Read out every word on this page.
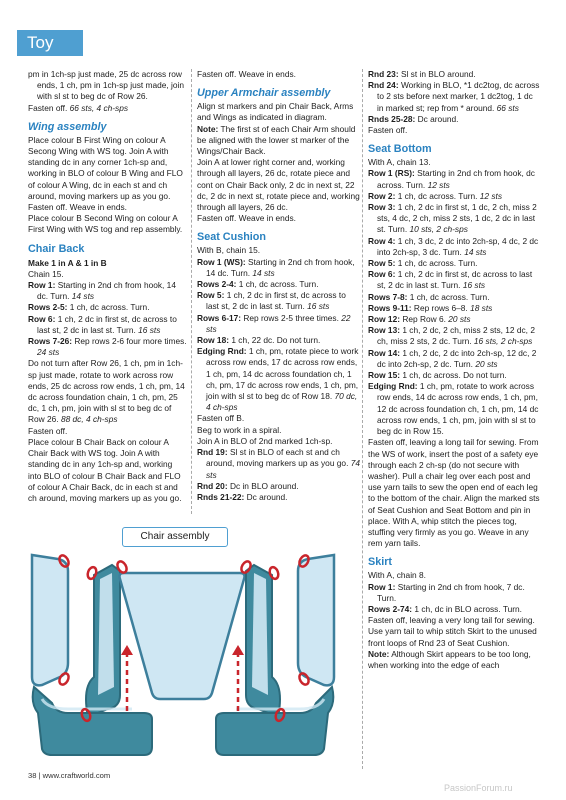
Toy

pm in 1ch-sp just made, 25 dc across row ends, 1 ch, pm in 1ch-sp just made, join with sl st to beg dc of Row 26.

Fasten off. 66 sts, 4 ch-sps

Wing assembly

Place colour B First Wing on colour A Secong Wing with WS tog. Join A with standing dc in any corner 1ch-sp and, working in BLO of colour B Wing and FLO of colour A Wing, dc in each st and ch around, moving markers up as you go.

Fasten off. Weave in ends.

Place colour B Second Wing on colour A First Wing with WS tog and rep assembly.

Chair Back

Make 1 in A & 1 in B

Chain 15.

Row 1: Starting in 2nd ch from hook, 14 dc. Turn. 14 sts

Rows 2-5: 1 ch, dc across. Turn.

Row 6: 1 ch, 2 dc in first st, dc across to last st, 2 dc in last st. Turn. 16 sts

Rows 7-26: Rep rows 2-6 four more times. 24 sts

Do not turn after Row 26, 1 ch, pm in 1ch-sp just made, rotate to work across row ends, 25 dc across row ends, 1 ch, pm, 14 dc across foundation chain, 1 ch, pm, 25 dc, 1 ch, pm, join with sl st to beg dc of Row 26. 88 dc, 4 ch-sps

Fasten off.

Place colour B Chair Back on colour A Chair Back with WS tog. Join A with standing dc in any 1ch-sp and, working into BLO of colour B Chair Back and FLO of colour A Chair Back, dc in each st and ch around, moving markers up as you go.

Fasten off. Weave in ends.

Upper Armchair assembly

Align st markers and pin Chair Back, Arms and Wings as indicated in diagram.

Note: The first st of each Chair Arm should be aligned with the lower st marker of the Wings/Chair Back.

Join A at lower right corner and, working through all layers, 26 dc, rotate piece and cont on Chair Back only, 2 dc in next st, 22 dc, 2 dc in next st, rotate piece and, working through all layers, 26 dc.

Fasten off. Weave in ends.

Seat Cushion

With B, chain 15.

Row 1 (WS): Starting in 2nd ch from hook, 14 dc. Turn. 14 sts

Rows 2-4: 1 ch, dc across. Turn.

Row 5: 1 ch, 2 dc in first st, dc across to last st, 2 dc in last st. Turn. 16 sts

Rows 6-17: Rep rows 2-5 three times. 22 sts

Row 18: 1 ch, 22 dc. Do not turn.

Edging Rnd: 1 ch, pm, rotate piece to work across row ends, 17 dc across row ends, 1 ch, pm, 14 dc across foundation ch, 1 ch, pm, 17 dc across row ends, 1 ch, pm, join with sl st to beg dc of Row 18. 70 dc, 4 ch-sps

Fasten off B.

Beg to work in a spiral.

Join A in BLO of 2nd marked 1ch-sp.

Rnd 19: Sl st in BLO of each st and ch around, moving markers up as you go. 74 sts

Rnd 20: Dc in BLO around.

Rnds 21-22: Dc around.

Rnd 23: Sl st in BLO around.

Rnd 24: Working in BLO, *1 dc2tog, dc across to 2 sts before next marker, 1 dc2tog, 1 dc in marked st; rep from * around. 66 sts

Rnds 25-28: Dc around.

Fasten off.

Seat Bottom

With A, chain 13.

Row 1 (RS): Starting in 2nd ch from hook, dc across. Turn. 12 sts

Row 2: 1 ch, dc across. Turn. 12 sts

Row 3: 1 ch, 2 dc in first st, 1 dc, 2 ch, miss 2 sts, 4 dc, 2 ch, miss 2 sts, 1 dc, 2 dc in last st. Turn. 10 sts, 2 ch-sps

Row 4: 1 ch, 3 dc, 2 dc into 2ch-sp, 4 dc, 2 dc into 2ch-sp, 3 dc. Turn. 14 sts

Row 5: 1 ch, dc across. Turn.

Row 6: 1 ch, 2 dc in first st, dc across to last st, 2 dc in last st. Turn. 16 sts

Rows 7-8: 1 ch, dc across. Turn.

Rows 9-11: Rep rows 6–8. 18 sts

Row 12: Rep Row 6. 20 sts

Row 13: 1 ch, 2 dc, 2 ch, miss 2 sts, 12 dc, 2 ch, miss 2 sts, 2 dc. Turn. 16 sts, 2 ch-sps

Row 14: 1 ch, 2 dc, 2 dc into 2ch-sp, 12 dc, 2 dc into 2ch-sp, 2 dc. Turn. 20 sts

Row 15: 1 ch, dc across. Do not turn.

Edging Rnd: 1 ch, pm, rotate to work across row ends, 14 dc across row ends, 1 ch, pm, 12 dc across foundation ch, 1 ch, pm, 14 dc across row ends, 1 ch, pm, join with sl st to beg dc in Row 15.

Fasten off, leaving a long tail for sewing. From the WS of work, insert the post of a safety eye through each 2 ch-sp (do not secure with washer). Pull a chair leg over each post and use yarn tails to sew the open end of each leg to the bottom of the chair. Align the marked sts of Seat Cushion and Seat Bottom and pin in place. With A, whip stitch the pieces tog, stuffing very firmly as you go. Weave in any rem yarn tails.

Skirt

With A, chain 8.

Row 1: Starting in 2nd ch from hook, 7 dc. Turn.

Rows 2-74: 1 ch, dc in BLO across. Turn.

Fasten off, leaving a very long tail for sewing. Use yarn tail to whip stitch Skirt to the unused front loops of Rnd 23 of Seat Cushion.

Note: Although Skirt appears to be too long, when working into the edge of each

Chair assembly
38 | www.craftworld.com
PassionForum.ru
